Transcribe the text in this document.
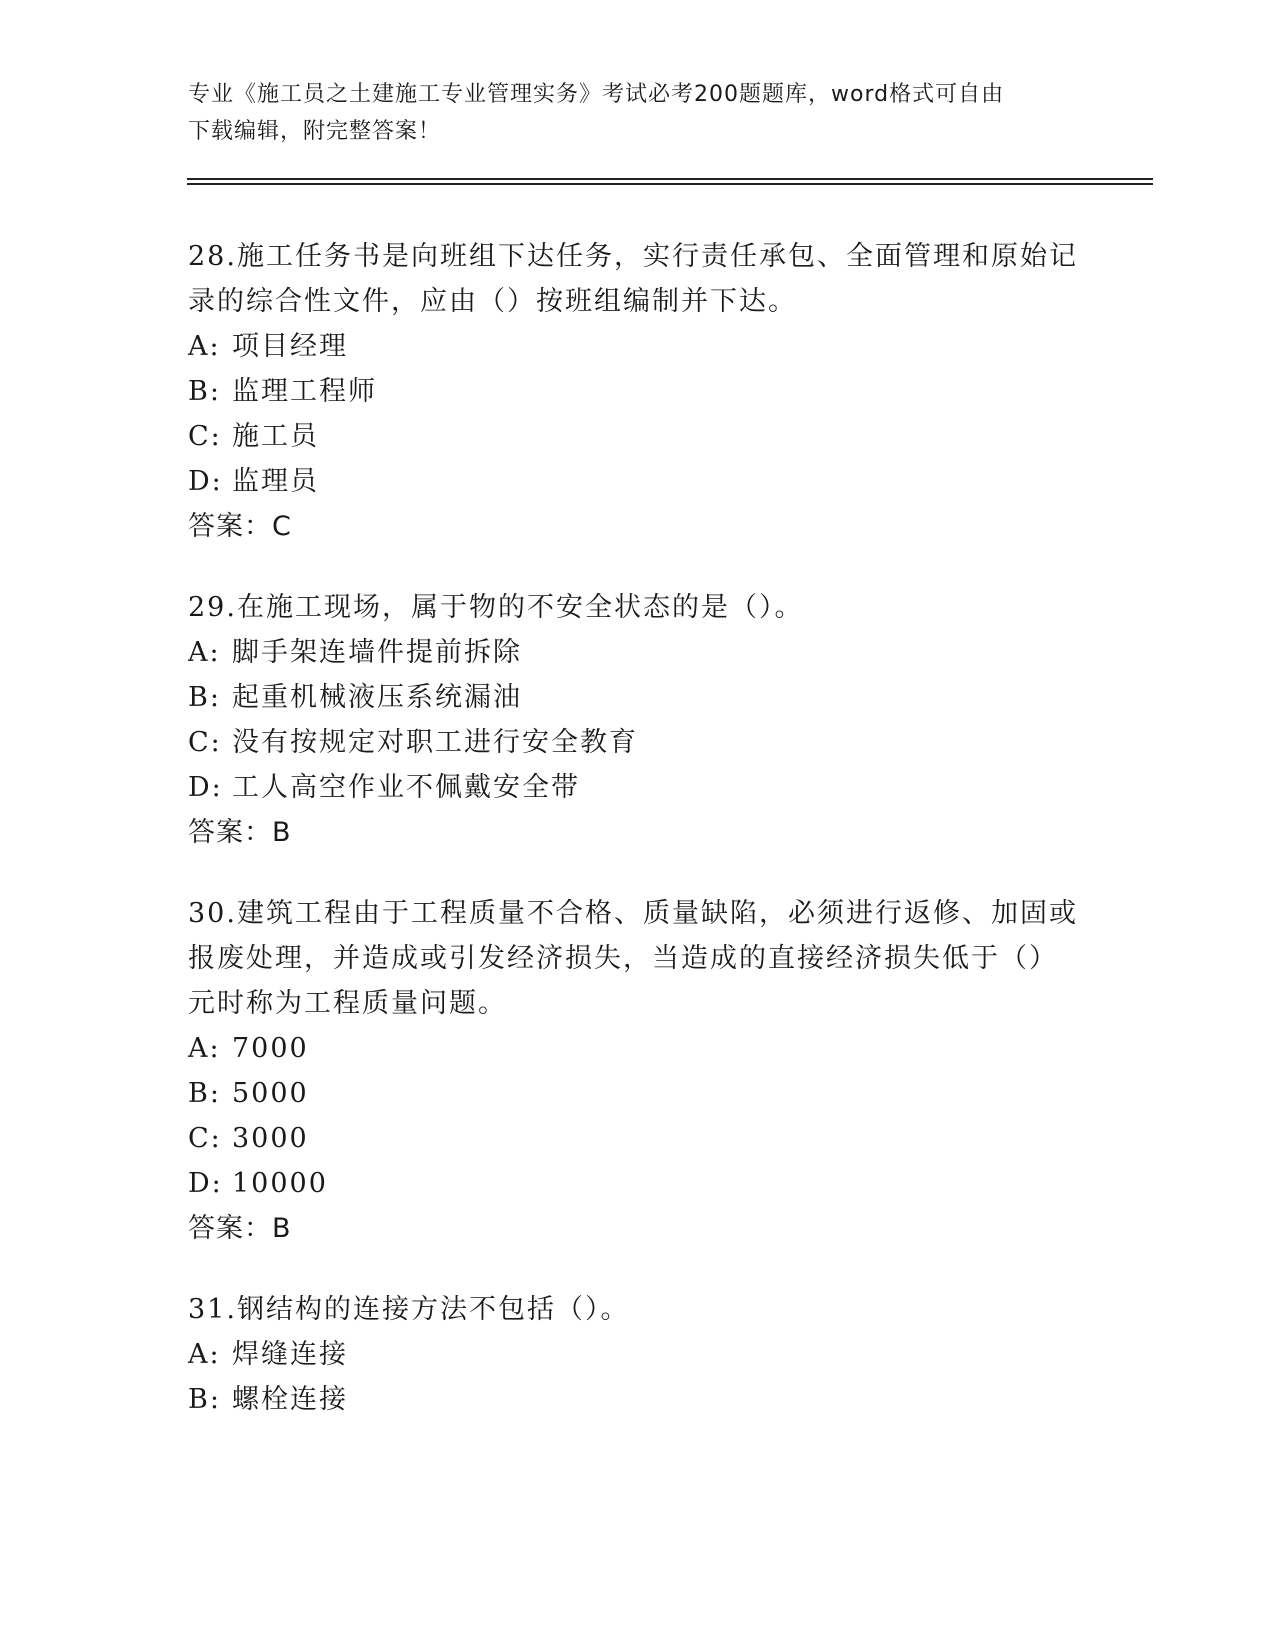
专业《施工员之土建施工专业管理实务》考试必考200题题库，word格式可自由
下载编辑，附完整答案！
28.施工任务书是向班组下达任务，实行责任承包、全面管理和原始记
录的综合性文件，应由（）按班组编制并下达。
A: 项目经理
B: 监理工程师
C: 施工员
D: 监理员
答案：C
29.在施工现场，属于物的不安全状态的是（）。
A: 脚手架连墙件提前拆除
B: 起重机械液压系统漏油
C: 没有按规定对职工进行安全教育
D: 工人高空作业不佩戴安全带
答案：B
30.建筑工程由于工程质量不合格、质量缺陷，必须进行返修、加固或
报废处理，并造成或引发经济损失，当造成的直接经济损失低于（）
元时称为工程质量问题。
A: 7000
B: 5000
C: 3000
D: 10000
答案：B
31.钢结构的连接方法不包括（）。
A: 焊缝连接
B: 螺栓连接
